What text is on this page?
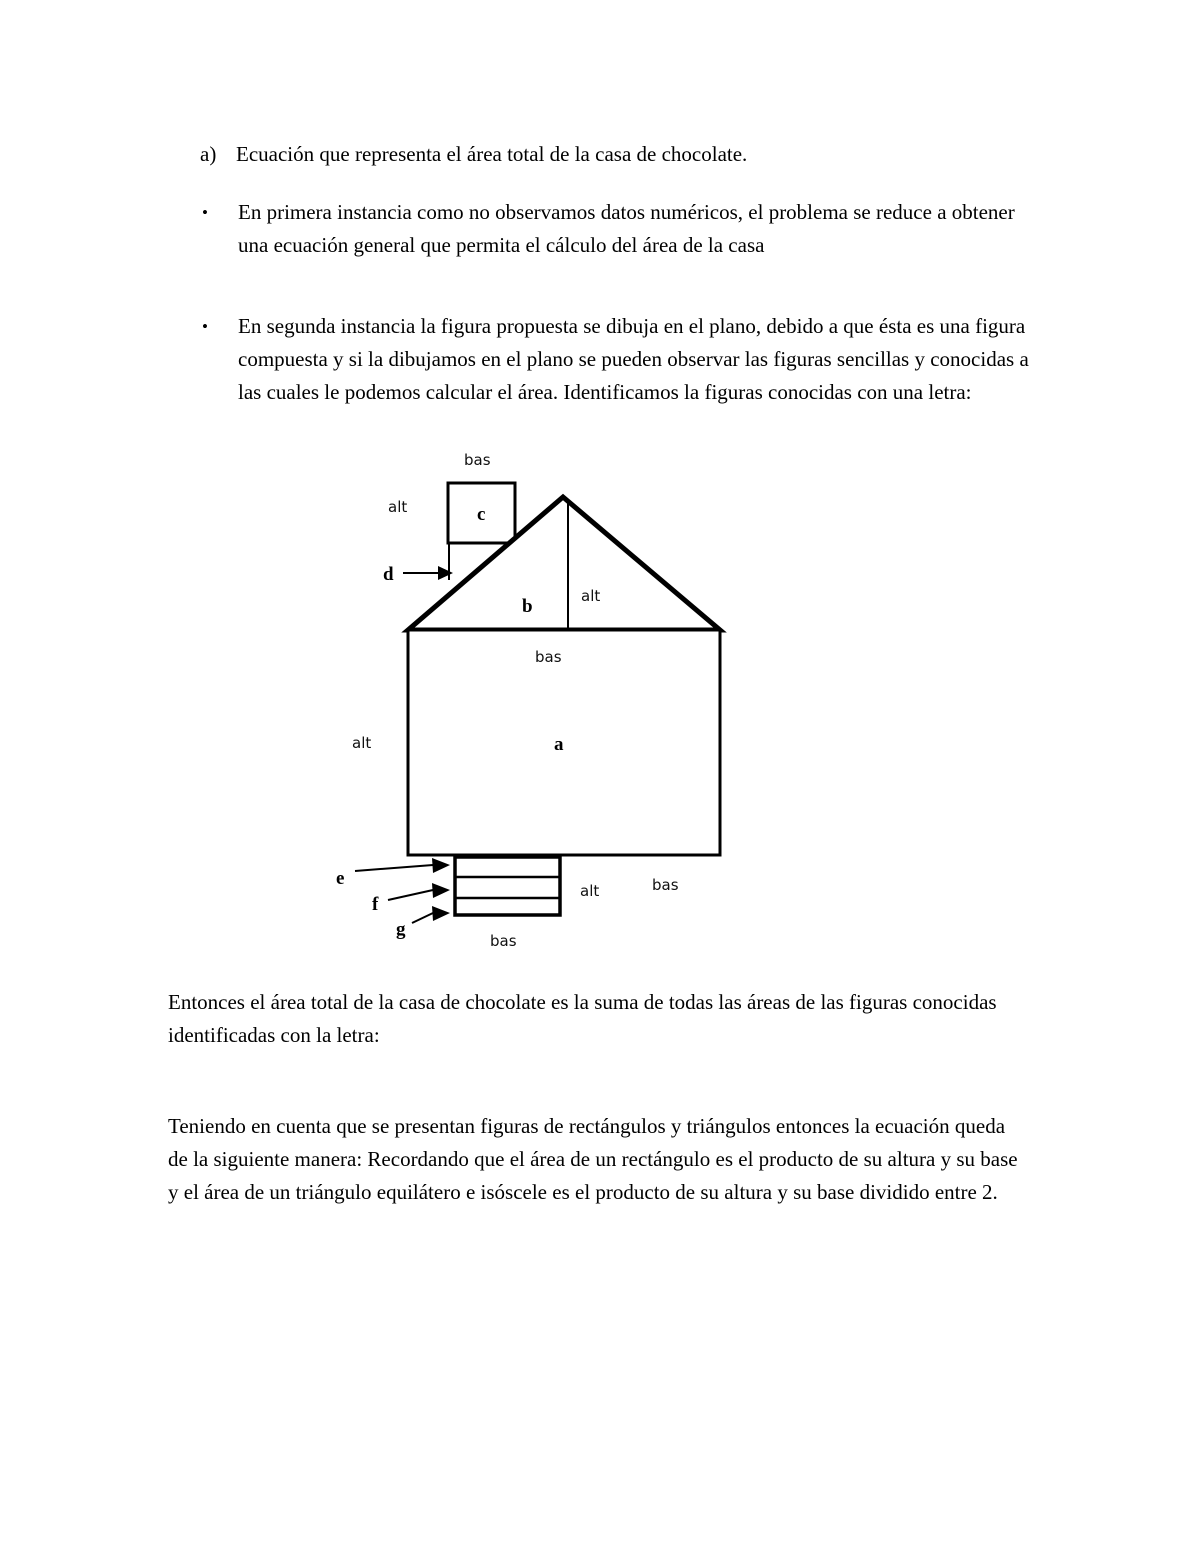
a) Ecuación que representa el área total de la casa de chocolate.
•	En primera instancia como no observamos datos numéricos, el problema se reduce a obtener una ecuación general que permita el cálculo del área de la casa
•	En segunda instancia la figura propuesta se dibuja en el plano, debido a que ésta es una figura compuesta y si la dibujamos en el plano se pueden observar las figuras sencillas y conocidas a las cuales le podemos calcular el área. Identificamos la figuras conocidas con una letra:
bas
alt
alt
bas
alt
alt	bas
bas
c
d
b
a
e
f
g
Entonces el área total de la casa de chocolate es la suma de todas las áreas de las figuras conocidas identificadas con la letra:
Teniendo en cuenta que se presentan figuras de rectángulos y triángulos entonces la ecuación queda de la siguiente manera: Recordando que el área de un rectángulo es el producto de su altura y su base y el área de un triángulo equilátero e isóscele es el producto de su altura y su base dividido entre 2.
